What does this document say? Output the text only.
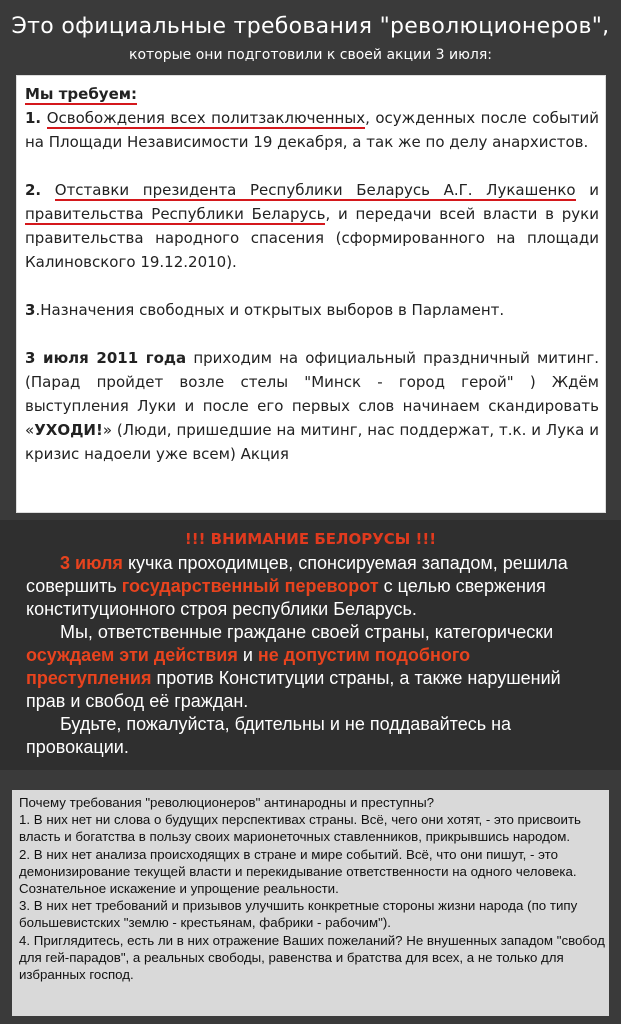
Это официальные требования "революционеров",
которые они подготовили к своей акции 3 июля:

Мы требуем:

1. Освобождения всех политзаключенных, осужденных после событий на Площади Независимости 19 декабря, а так же по делу анархистов.

2. Отставки президента Республики Беларусь А.Г. Лукашенко и правительства Республики Беларусь, и передачи всей власти в руки правительства народного спасения (сформированного на площади Калиновского 19.12.2010).

3.Назначения свободных и открытых выборов в Парламент.

3 июля 2011 года приходим на официальный праздничный митинг. (Парад пройдет возле стелы "Минск - город герой" ) Ждём выступления Луки и после его первых слов начинаем скандировать «УХОДИ!» (Люди, пришедшие на митинг, нас поддержат, т.к. и Лука и кризис надоели уже всем) Акция

!!! ВНИМАНИЕ БЕЛОРУСЫ !!!

3 июля кучка проходимцев, спонсируемая западом, решила совершить государственный переворот с целью свержения конституционного строя республики Беларусь.

Мы, ответственные граждане своей страны, категорически осуждаем эти действия и не допустим подобного преступления против Конституции страны, а также нарушений прав и свобод её граждан.

Будьте, пожалуйста, бдительны и не поддавайтесь на провокации.

Почему требования "революционеров" антинародны и преступны?

1. В них нет ни слова о будущих перспективах страны. Всё, чего они хотят, - это присвоить власть и богатства в пользу своих марионеточных ставленников, прикрывшись народом.

2. В них нет анализа происходящих в стране и мире событий. Всё, что они пишут, - это демонизирование текущей власти и перекидывание ответственности на одного человека. Сознательное искажение и упрощение реальности.

3. В них нет требований и призывов улучшить конкретные стороны жизни народа (по типу большевистских "землю - крестьянам, фабрики - рабочим").

4. Приглядитесь, есть ли в них отражение Ваших пожеланий? Не внушенных западом "свобод для гей-парадов", а реальных свободы, равенства и братства для всех, а не только для избранных господ.
